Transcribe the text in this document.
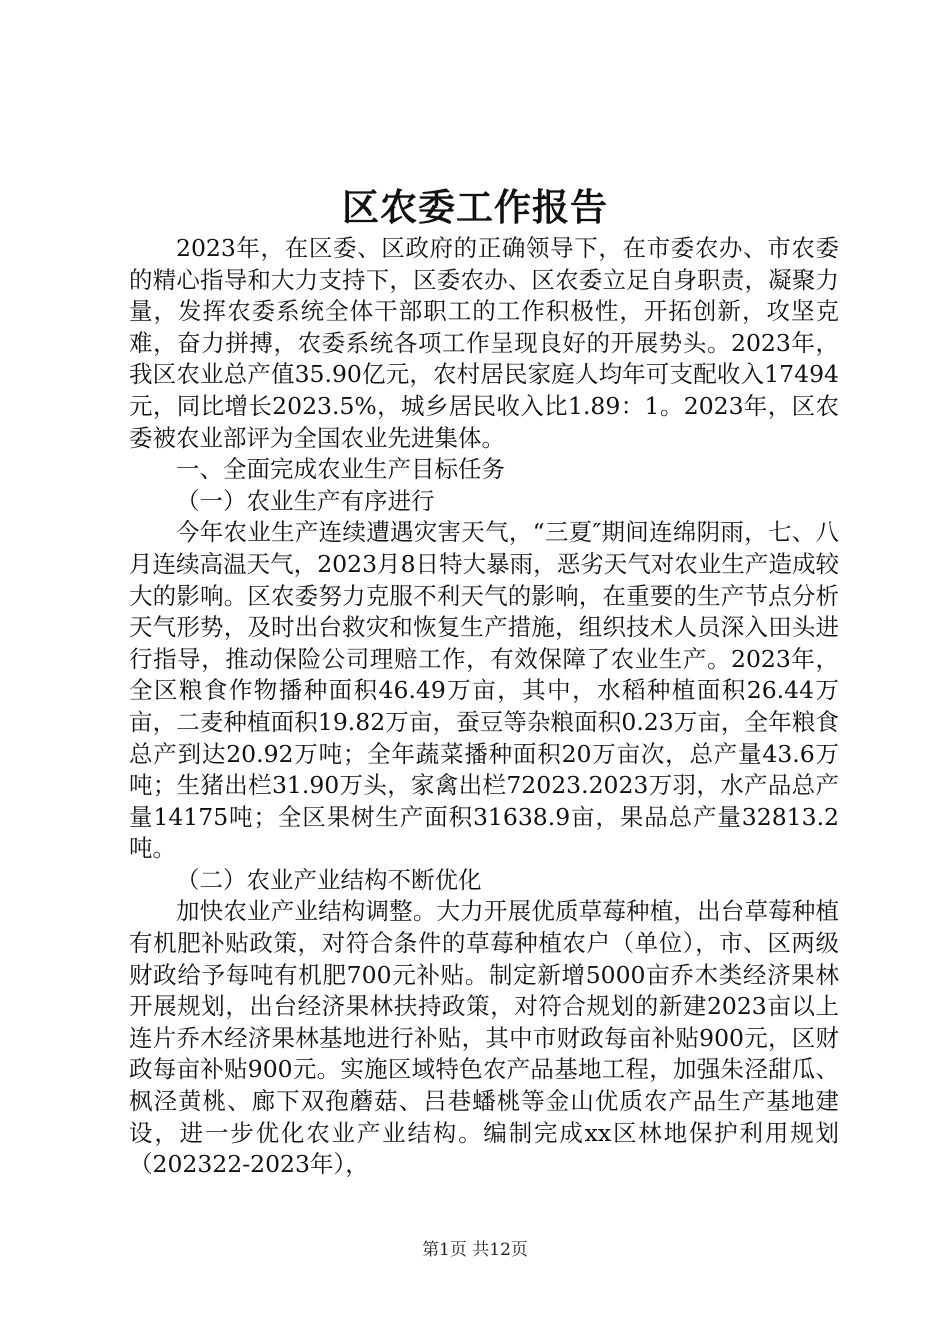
区农委工作报告

2023年，在区委、区政府的正确领导下，在市委农办、市农委的精心指导和大力支持下，区委农办、区农委立足自身职责，凝聚力量，发挥农委系统全体干部职工的工作积极性，开拓创新，攻坚克难，奋力拼搏，农委系统各项工作呈现良好的开展势头。2023年，我区农业总产值35.90亿元，农村居民家庭人均年可支配收入17494元，同比增长2023.5%，城乡居民收入比1.89：1。2023年，区农委被农业部评为全国农业先进集体。

一、全面完成农业生产目标任务

（一）农业生产有序进行

今年农业生产连续遭遇灾害天气，“三夏″期间连绵阴雨，七、八月连续高温天气，2023月8日特大暴雨，恶劣天气对农业生产造成较大的影响。区农委努力克服不利天气的影响，在重要的生产节点分析天气形势，及时出台救灾和恢复生产措施，组织技术人员深入田头进行指导，推动保险公司理赔工作，有效保障了农业生产。2023年，全区粮食作物播种面积46.49万亩，其中，水稻种植面积26.44万亩，二麦种植面积19.82万亩，蚕豆等杂粮面积0.23万亩，全年粮食总产到达20.92万吨；全年蔬菜播种面积20万亩次，总产量43.6万吨；生猪出栏31.90万头，家禽出栏72023.2023万羽，水产品总产量14175吨；全区果树生产面积31638.9亩，果品总产量32813.2吨。

（二）农业产业结构不断优化

加快农业产业结构调整。大力开展优质草莓种植，出台草莓种植有机肥补贴政策，对符合条件的草莓种植农户（单位），市、区两级财政给予每吨有机肥700元补贴。制定新增5000亩乔木类经济果林开展规划，出台经济果林扶持政策，对符合规划的新建2023亩以上连片乔木经济果林基地进行补贴，其中市财政每亩补贴900元，区财政每亩补贴900元。实施区域特色农产品基地工程，加强朱泾甜瓜、枫泾黄桃、廊下双孢蘑菇、吕巷蟠桃等金山优质农产品生产基地建设，进一步优化农业产业结构。编制完成xx区林地保护利用规划（202322-2023年），

第1页 共12页
